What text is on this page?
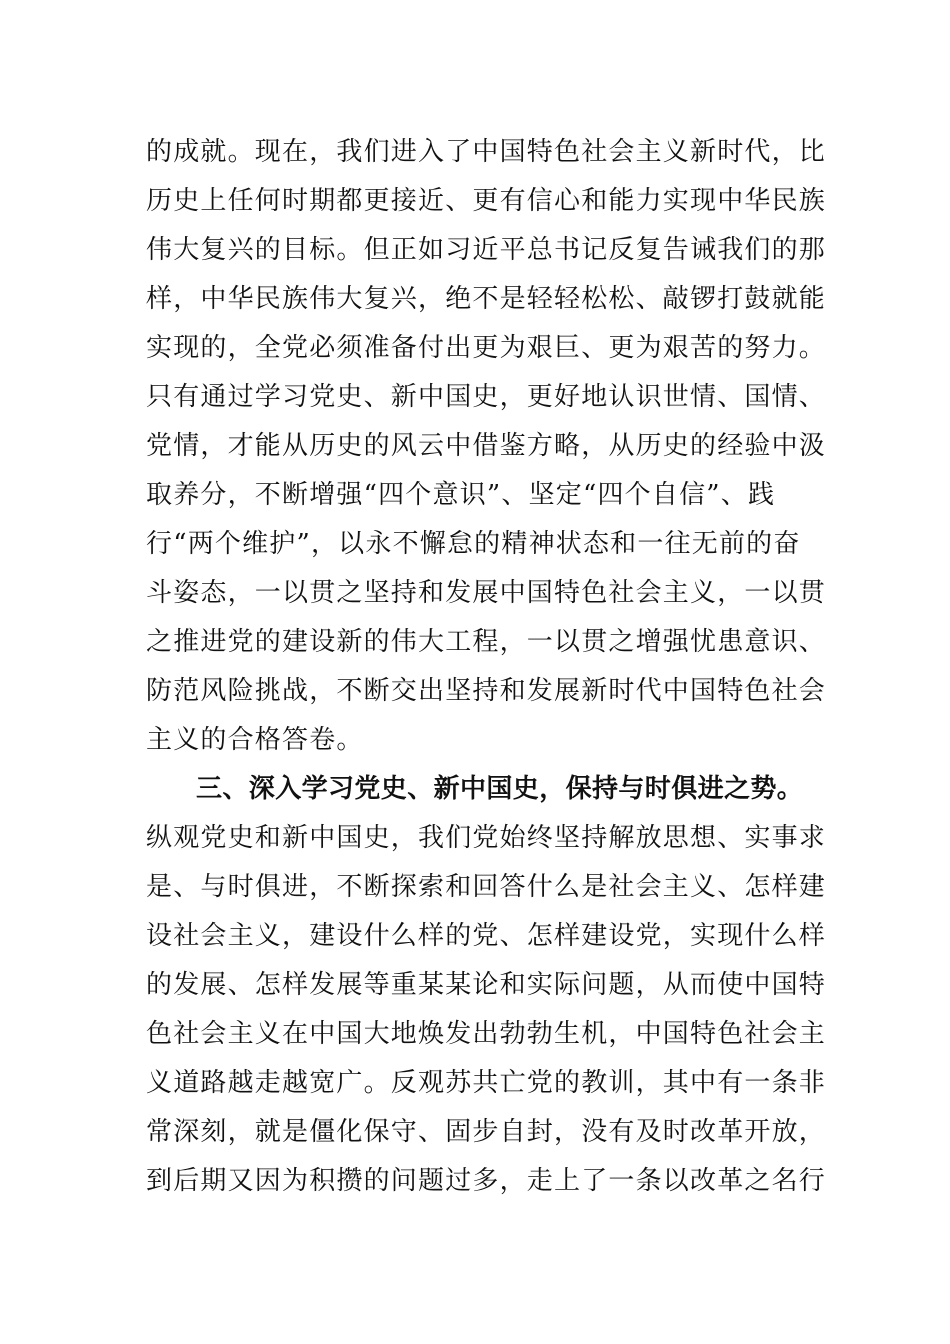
的成就。现在，我们进入了中国特色社会主义新时代，比
历史上任何时期都更接近、更有信心和能力实现中华民族
伟大复兴的目标。但正如习近平总书记反复告诫我们的那
样，中华民族伟大复兴，绝不是轻轻松松、敲锣打鼓就能
实现的，全党必须准备付出更为艰巨、更为艰苦的努力。
只有通过学习党史、新中国史，更好地认识世情、国情、
党情，才能从历史的风云中借鉴方略，从历史的经验中汲
取养分，不断增强“四个意识”、坚定“四个自信”、践
行“两个维护”，以永不懈怠的精神状态和一往无前的奋
斗姿态，一以贯之坚持和发展中国特色社会主义，一以贯
之推进党的建设新的伟大工程，一以贯之增强忧患意识、
防范风险挑战，不断交出坚持和发展新时代中国特色社会
主义的合格答卷。
三、深入学习党史、新中国史，保持与时俱进之势。
纵观党史和新中国史，我们党始终坚持解放思想、实事求
是、与时俱进，不断探索和回答什么是社会主义、怎样建
设社会主义，建设什么样的党、怎样建设党，实现什么样
的发展、怎样发展等重某某论和实际问题，从而使中国特
色社会主义在中国大地焕发出勃勃生机，中国特色社会主
义道路越走越宽广。反观苏共亡党的教训，其中有一条非
常深刻，就是僵化保守、固步自封，没有及时改革开放，
到后期又因为积攒的问题过多，走上了一条以改革之名行
